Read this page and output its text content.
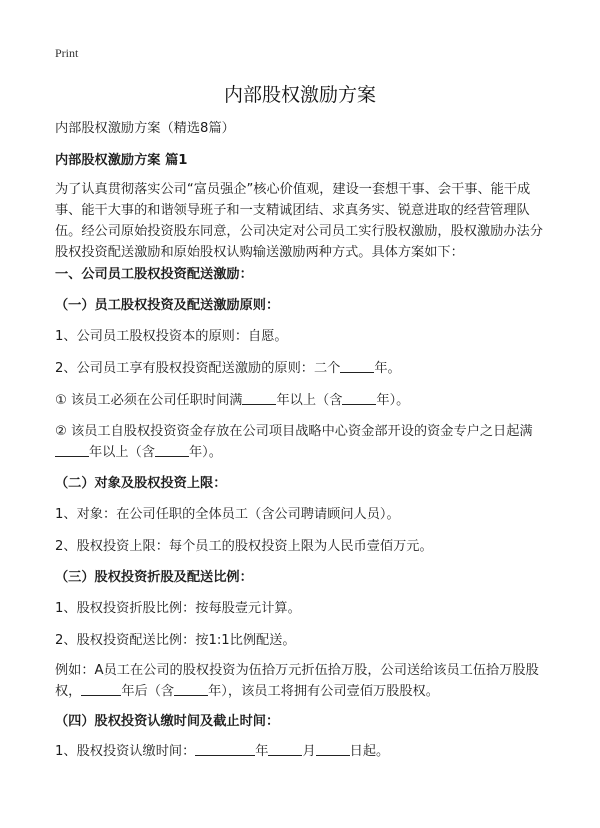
Print
内部股权激励方案
内部股权激励方案（精选8篇）
内部股权激励方案 篇1
为了认真贯彻落实公司“富员强企”核心价值观，建设一套想干事、会干事、能干成事、能干大事的和谐领导班子和一支精诚团结、求真务实、锐意进取的经营管理队伍。经公司原始投资股东同意，公司决定对公司员工实行股权激励，股权激励办法分股权投资配送激励和原始股权认购输送激励两种方式。具体方案如下：
一、公司员工股权投资配送激励：
（一）员工股权投资及配送激励原则：
1、公司员工股权投资本的原则：自愿。
2、公司员工享有股权投资配送激励的原则：二个	年。
① 该员工必须在公司任职时间满	年以上（含	年）。
② 该员工自股权投资资金存放在公司项目战略中心资金部开设的资金专户之日起满年以上（含	年）。
（二）对象及股权投资上限：
1、对象：在公司任职的全体员工（含公司聘请顾问人员）。
2、股权投资上限：每个员工的股权投资上限为人民币壹佰万元。
（三）股权投资折股及配送比例：
1、股权投资折股比例：按每股壹元计算。
2、股权投资配送比例：按1:1比例配送。
例如：A员工在公司的股权投资为伍拾万元折伍拾万股，公司送给该员工伍拾万股股权，	年后（含	年），该员工将拥有公司壹佰万股股权。
（四）股权投资认缴时间及截止时间：
1、股权投资认缴时间：	年	月	日起。
